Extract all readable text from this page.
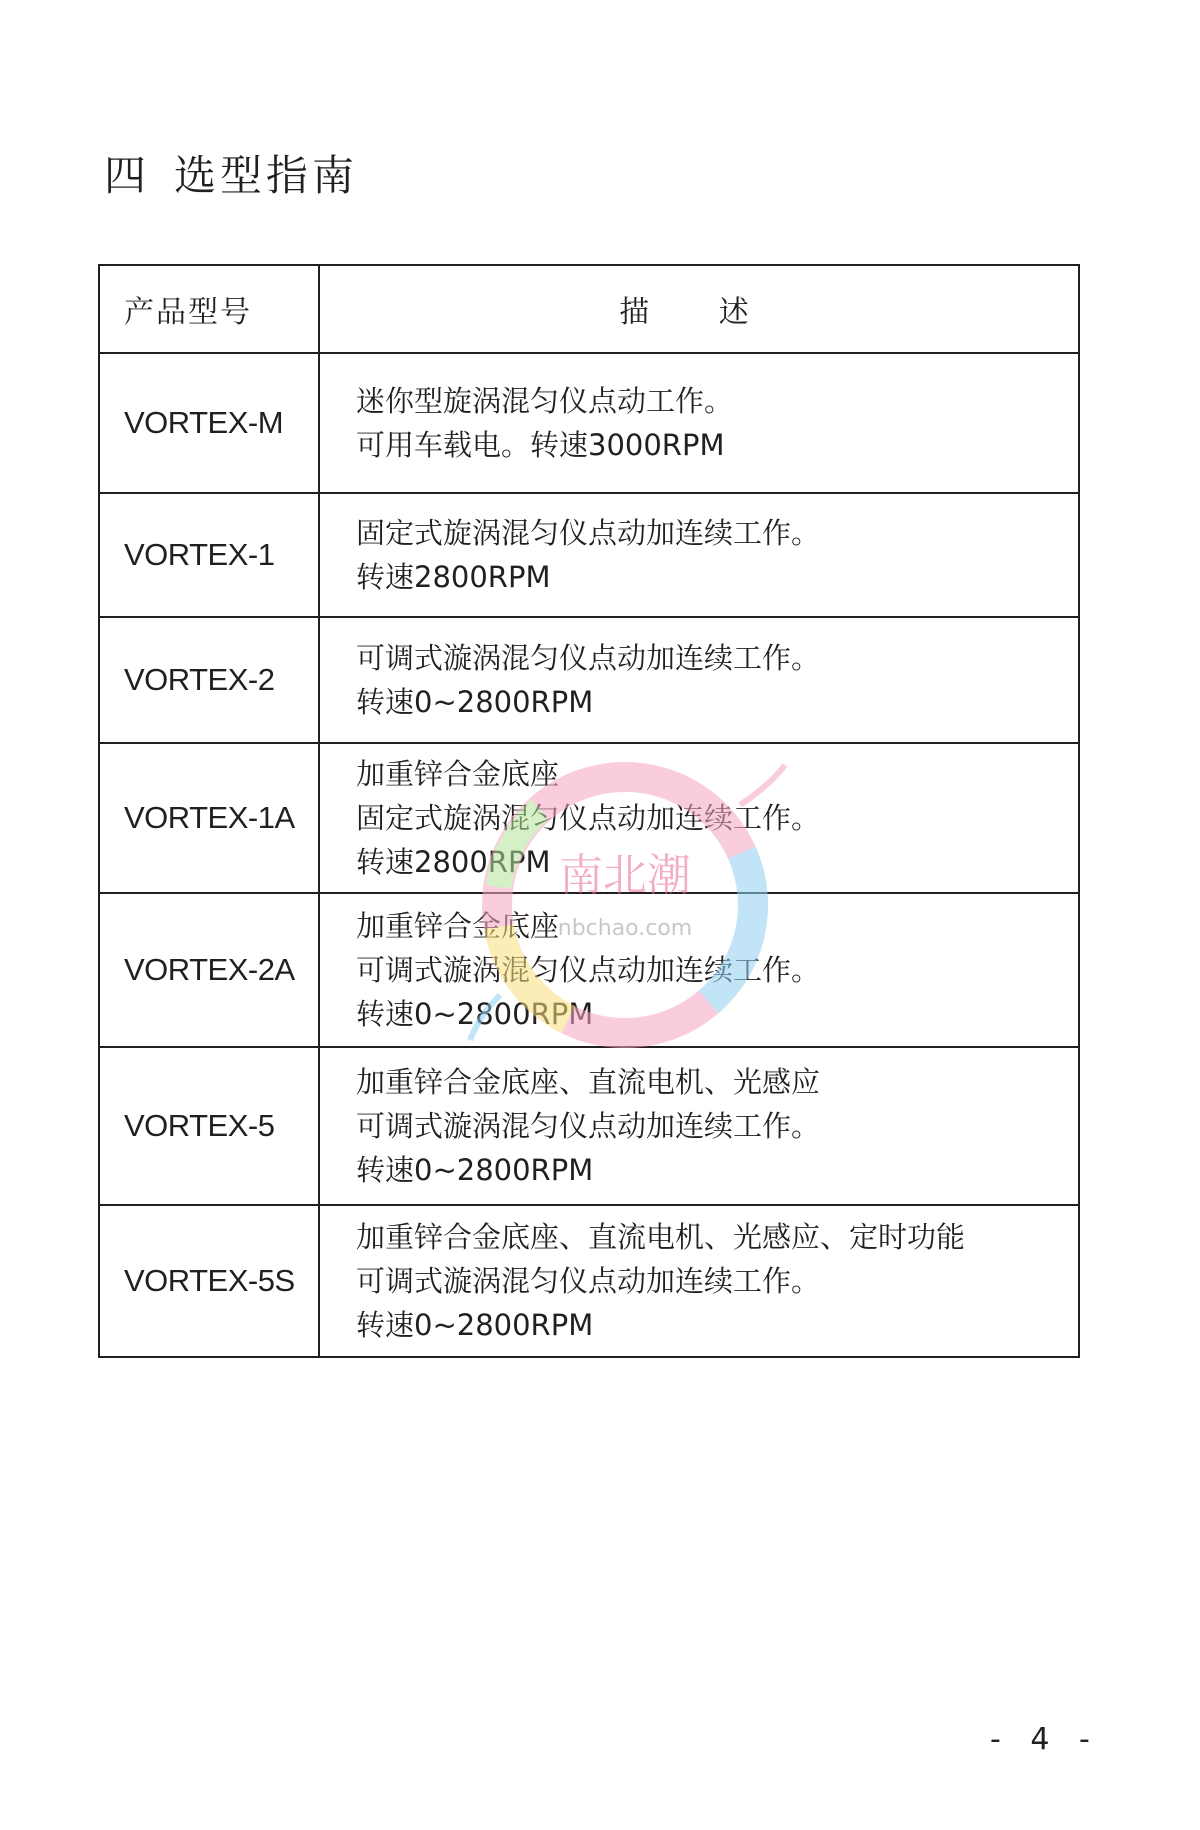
四 选型指南
产品型号	描 述
VORTEX-M	迷你型旋涡混匀仪点动工作。
可用车载电。转速3000RPM

VORTEX-1	固定式旋涡混匀仪点动加连续工作。
转速2800RPM

VORTEX-2	可调式漩涡混匀仪点动加连续工作。
转速0~2800RPM

VORTEX-1A	加重锌合金底座
固定式旋涡混匀仪点动加连续工作。
转速2800RPM

VORTEX-2A	加重锌合金底座
可调式漩涡混匀仪点动加连续工作。
转速0~2800RPM

VORTEX-5	加重锌合金底座、直流电机、光感应
可调式漩涡混匀仪点动加连续工作。
转速0~2800RPM

VORTEX-5S	加重锌合金底座、直流电机、光感应、定时功能
可调式漩涡混匀仪点动加连续工作。
转速0~2800RPM
南北潮
nbchao.com
- 4 -
